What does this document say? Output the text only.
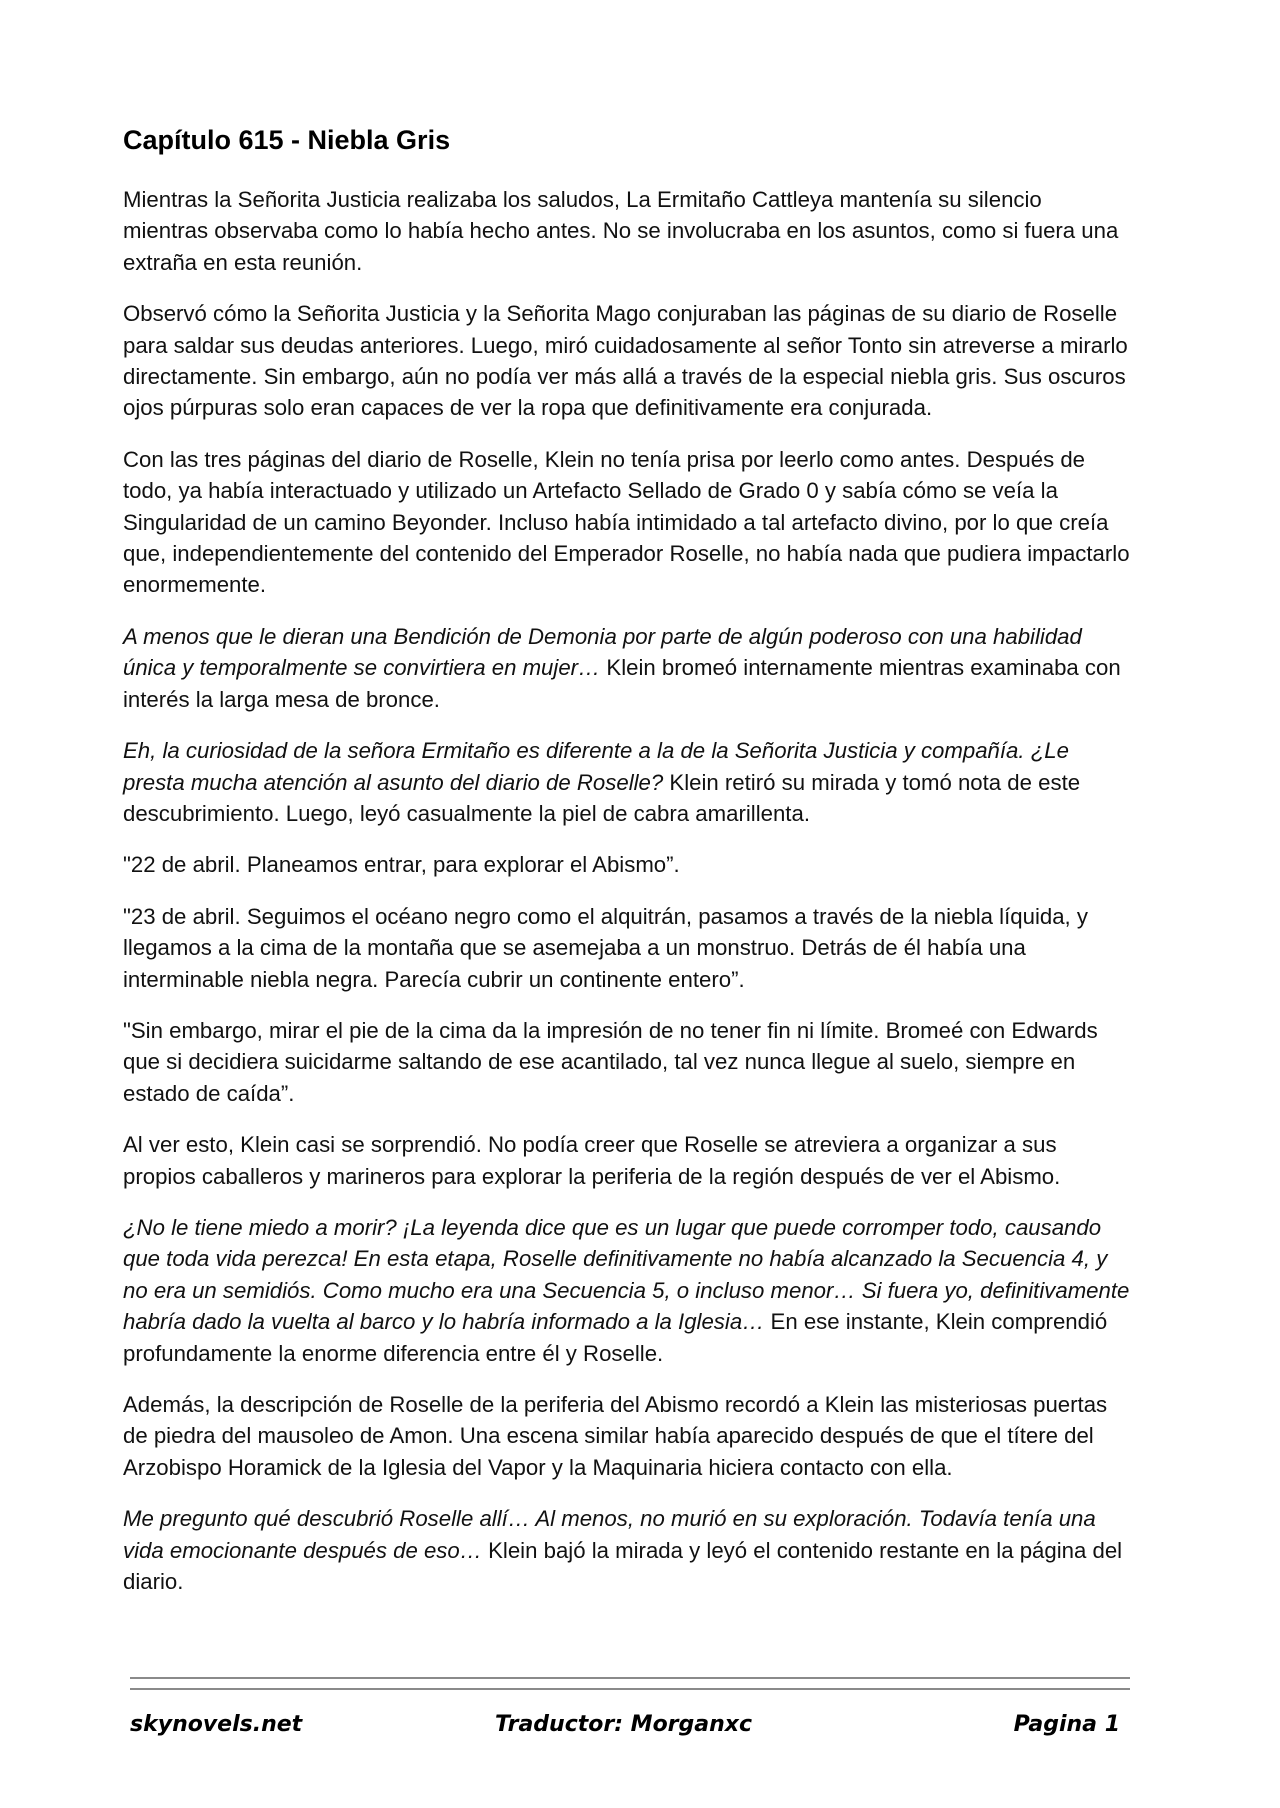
Capítulo 615 - Niebla Gris

Mientras la Señorita Justicia realizaba los saludos, La Ermitaño Cattleya mantenía su silencio mientras observaba como lo había hecho antes. No se involucraba en los asuntos, como si fuera una extraña en esta reunión.

Observó cómo la Señorita Justicia y la Señorita Mago conjuraban las páginas de su diario de Roselle para saldar sus deudas anteriores. Luego, miró cuidadosamente al señor Tonto sin atreverse a mirarlo directamente. Sin embargo, aún no podía ver más allá a través de la especial niebla gris. Sus oscuros ojos púrpuras solo eran capaces de ver la ropa que definitivamente era conjurada.

Con las tres páginas del diario de Roselle, Klein no tenía prisa por leerlo como antes. Después de todo, ya había interactuado y utilizado un Artefacto Sellado de Grado 0 y sabía cómo se veía la Singularidad de un camino Beyonder. Incluso había intimidado a tal artefacto divino, por lo que creía que, independientemente del contenido del Emperador Roselle, no había nada que pudiera impactarlo enormemente.

A menos que le dieran una Bendición de Demonia por parte de algún poderoso con una habilidad única y temporalmente se convirtiera en mujer… Klein bromeó internamente mientras examinaba con interés la larga mesa de bronce.

Eh, la curiosidad de la señora Ermitaño es diferente a la de la Señorita Justicia y compañía. ¿Le presta mucha atención al asunto del diario de Roselle? Klein retiró su mirada y tomó nota de este descubrimiento. Luego, leyó casualmente la piel de cabra amarillenta.

"22 de abril. Planeamos entrar, para explorar el Abismo”.

"23 de abril. Seguimos el océano negro como el alquitrán, pasamos a través de la niebla líquida, y llegamos a la cima de la montaña que se asemejaba a un monstruo. Detrás de él había una interminable niebla negra. Parecía cubrir un continente entero”.

"Sin embargo, mirar el pie de la cima da la impresión de no tener fin ni límite. Bromeé con Edwards que si decidiera suicidarme saltando de ese acantilado, tal vez nunca llegue al suelo, siempre en estado de caída”.

Al ver esto, Klein casi se sorprendió. No podía creer que Roselle se atreviera a organizar a sus propios caballeros y marineros para explorar la periferia de la región después de ver el Abismo.

¿No le tiene miedo a morir? ¡La leyenda dice que es un lugar que puede corromper todo, causando que toda vida perezca! En esta etapa, Roselle definitivamente no había alcanzado la Secuencia 4, y no era un semidiós. Como mucho era una Secuencia 5, o incluso menor… Si fuera yo, definitivamente habría dado la vuelta al barco y lo habría informado a la Iglesia… En ese instante, Klein comprendió profundamente la enorme diferencia entre él y Roselle.

Además, la descripción de Roselle de la periferia del Abismo recordó a Klein las misteriosas puertas de piedra del mausoleo de Amon. Una escena similar había aparecido después de que el títere del Arzobispo Horamick de la Iglesia del Vapor y la Maquinaria hiciera contacto con ella.

Me pregunto qué descubrió Roselle allí… Al menos, no murió en su exploración. Todavía tenía una vida emocionante después de eso… Klein bajó la mirada y leyó el contenido restante en la página del diario.

skynovels.net	Traductor: Morganxc	Pagina 1
